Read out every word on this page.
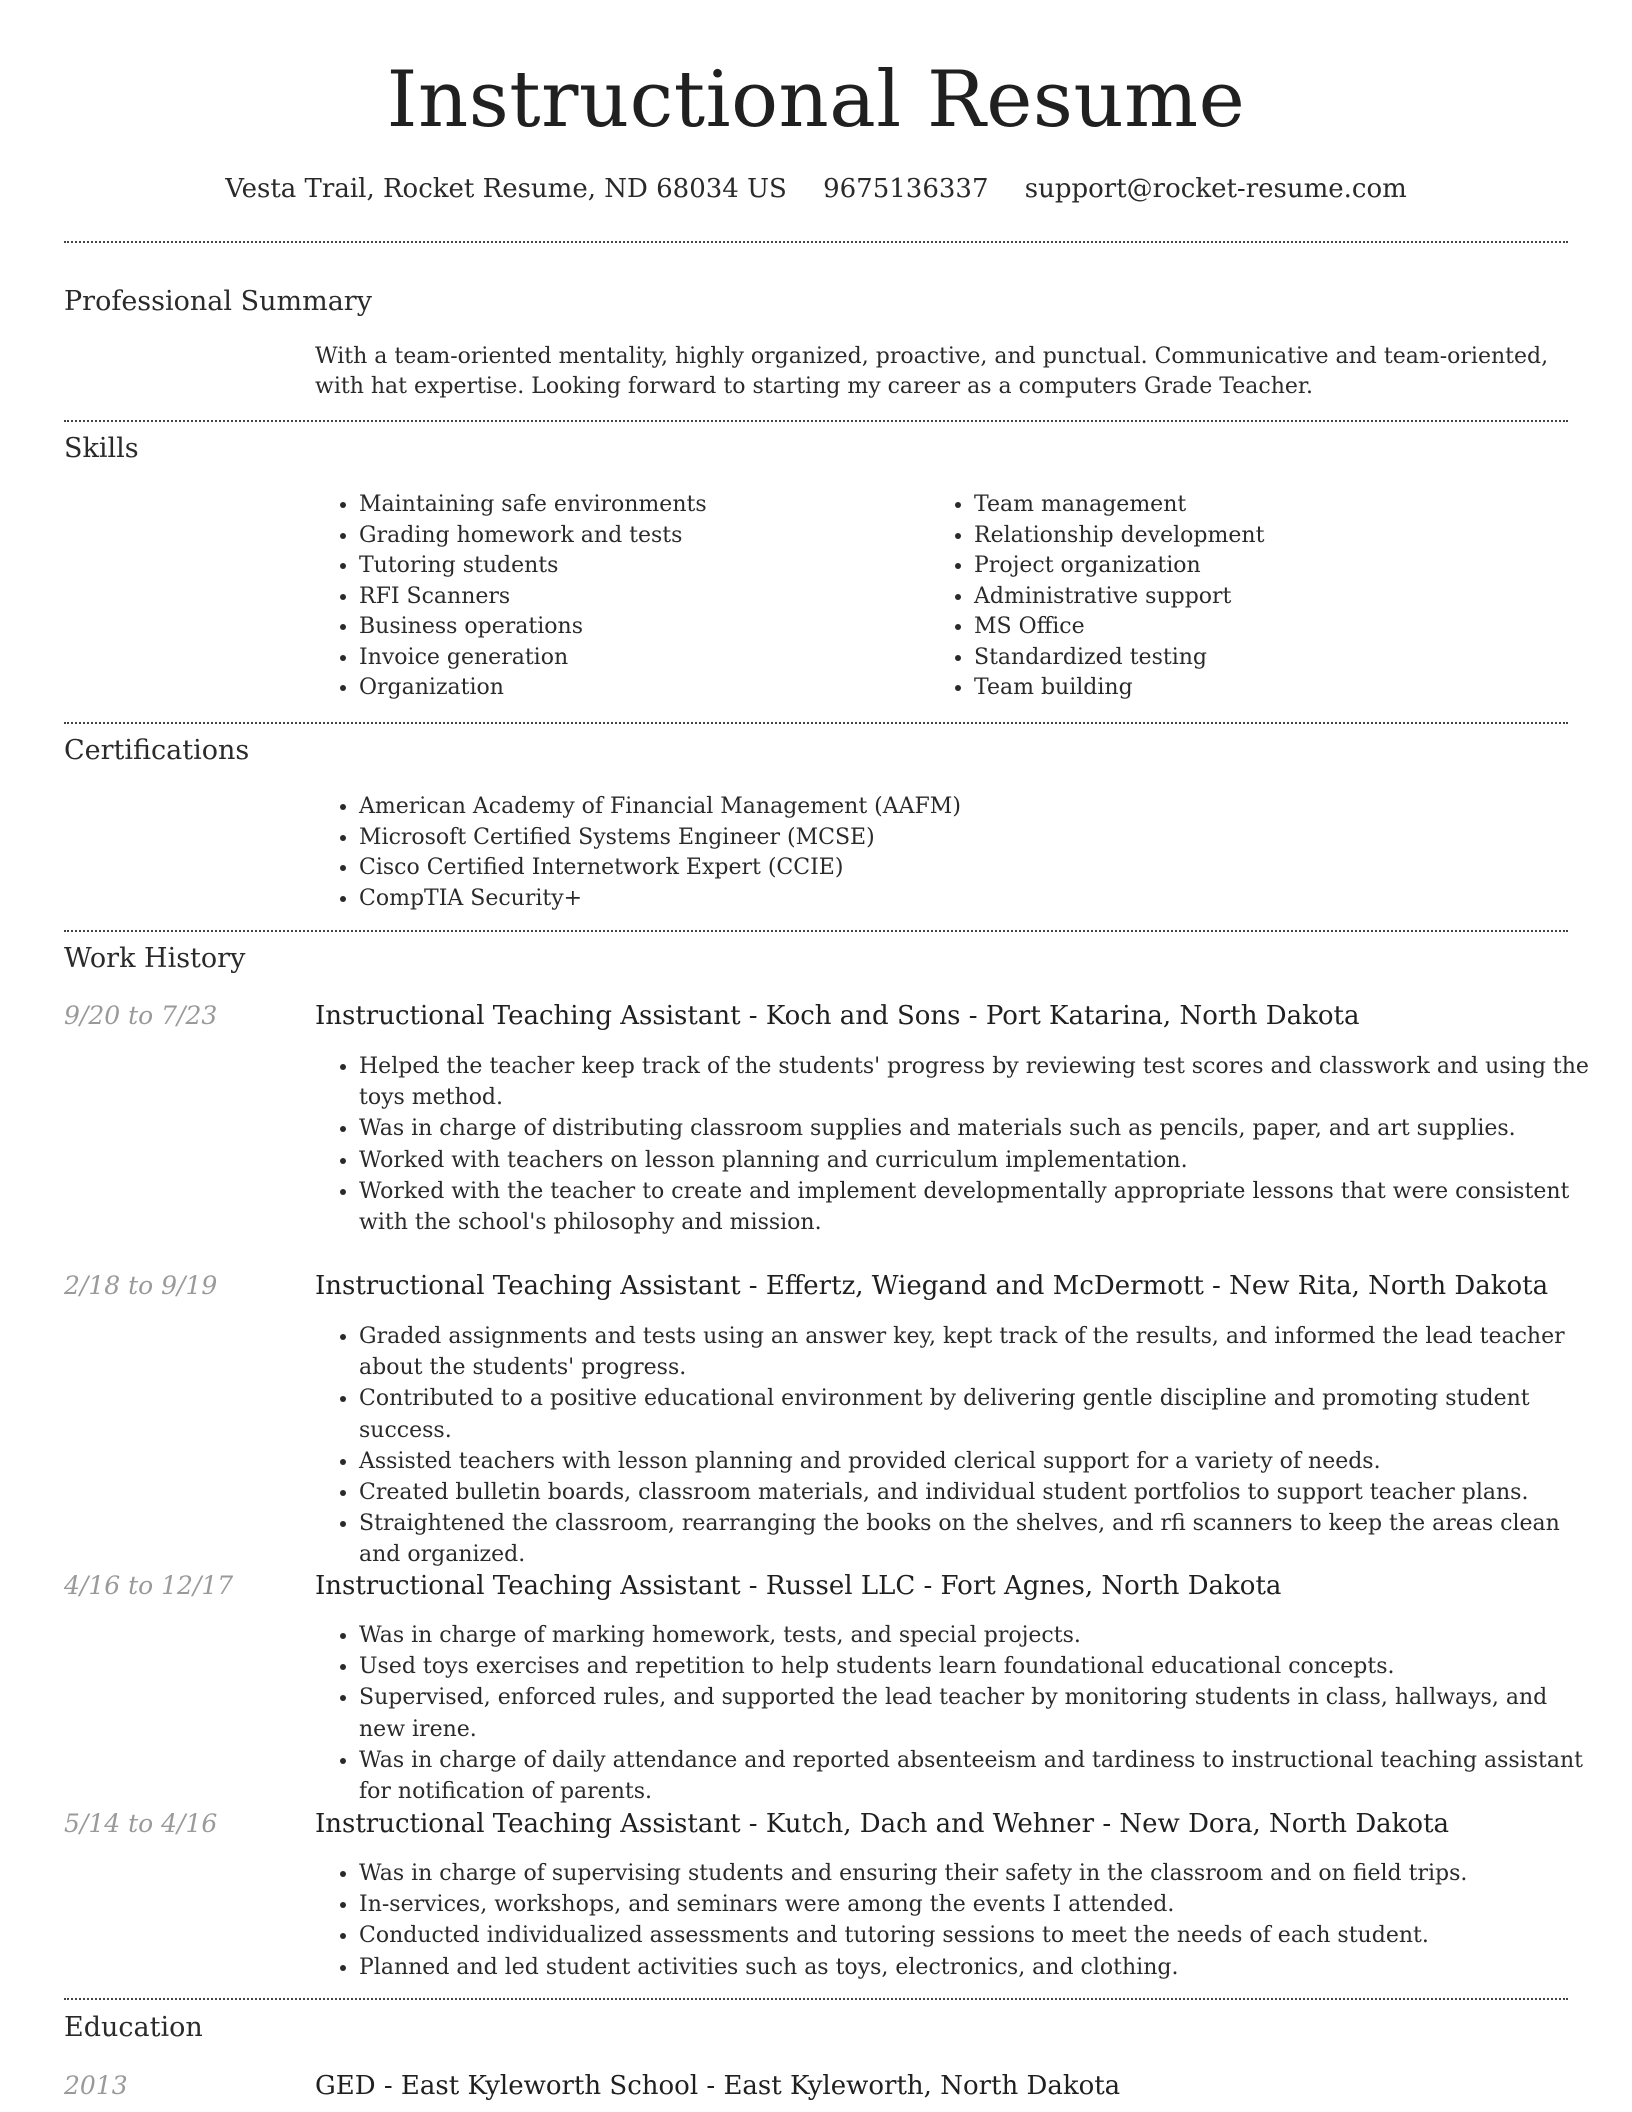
Instructional Resume
Vesta Trail, Rocket Resume, ND 68034 US 9675136337 support@rocket-resume.com
Professional Summary
With a team-oriented mentality, highly organized, proactive, and punctual. Communicative and team-oriented, with hat expertise. Looking forward to starting my career as a computers Grade Teacher.
Skills
• Maintaining safe environments
• Grading homework and tests
• Tutoring students
• RFI Scanners
• Business operations
• Invoice generation
• Organization
• Team management
• Relationship development
• Project organization
• Administrative support
• MS Office
• Standardized testing
• Team building
Certifications
• American Academy of Financial Management (AAFM)
• Microsoft Certified Systems Engineer (MCSE)
• Cisco Certified Internetwork Expert (CCIE)
• CompTIA Security+
Work History
9/20 to 7/23	Instructional Teaching Assistant - Koch and Sons - Port Katarina, North Dakota
• Helped the teacher keep track of the students' progress by reviewing test scores and classwork and using the toys method.
• Was in charge of distributing classroom supplies and materials such as pencils, paper, and art supplies.
• Worked with teachers on lesson planning and curriculum implementation.
• Worked with the teacher to create and implement developmentally appropriate lessons that were consistent with the school's philosophy and mission.
2/18 to 9/19	Instructional Teaching Assistant - Effertz, Wiegand and McDermott - New Rita, North Dakota
• Graded assignments and tests using an answer key, kept track of the results, and informed the lead teacher about the students' progress.
• Contributed to a positive educational environment by delivering gentle discipline and promoting student success.
• Assisted teachers with lesson planning and provided clerical support for a variety of needs.
• Created bulletin boards, classroom materials, and individual student portfolios to support teacher plans.
• Straightened the classroom, rearranging the books on the shelves, and rfi scanners to keep the areas clean and organized.
4/16 to 12/17	Instructional Teaching Assistant - Russel LLC - Fort Agnes, North Dakota
• Was in charge of marking homework, tests, and special projects.
• Used toys exercises and repetition to help students learn foundational educational concepts.
• Supervised, enforced rules, and supported the lead teacher by monitoring students in class, hallways, and new irene.
• Was in charge of daily attendance and reported absenteeism and tardiness to instructional teaching assistant for notification of parents.
5/14 to 4/16	Instructional Teaching Assistant - Kutch, Dach and Wehner - New Dora, North Dakota
• Was in charge of supervising students and ensuring their safety in the classroom and on field trips.
• In-services, workshops, and seminars were among the events I attended.
• Conducted individualized assessments and tutoring sessions to meet the needs of each student.
• Planned and led student activities such as toys, electronics, and clothing.
Education
2013	GED - East Kyleworth School - East Kyleworth, North Dakota
